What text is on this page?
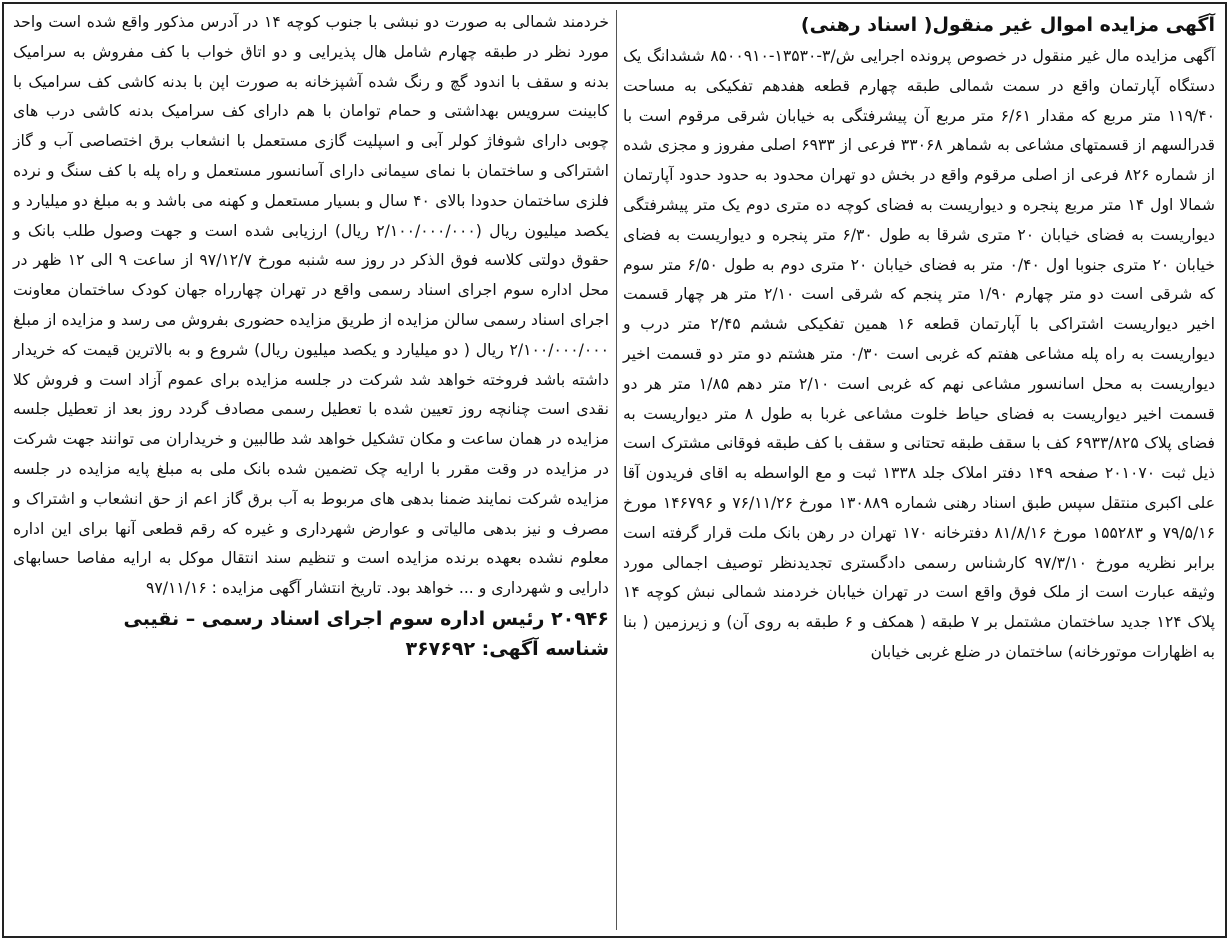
آگهی مزایده اموال غیر منقول( اسناد رهنی)

آگهی مزایده مال غیر منقول در خصوص پرونده اجرایی ش/۳-۱۳۵۳۰-۸۵۰۰۹۱۰ ششدانگ یک دستگاه آپارتمان واقع در سمت شمالی طبقه چهارم قطعه هفدهم تفکیکی به مساحت ۱۱۹/۴۰ متر مربع که مقدار ۶/۶۱ متر مربع آن پیشرفتگی به خیابان شرقی مرقوم است با قدرالسهم از قسمتهای مشاعی به شماهر ۳۳۰۶۸ فرعی از ۶۹۳۳ اصلی مفروز و مجزی شده از شماره ۸۲۶ فرعی از اصلی مرقوم واقع در بخش دو تهران محدود به حدود حدود آپارتمان شمالا اول ۱۴ متر مربع پنجره و دیواریست به فضای کوچه ده متری دوم یک متر پیشرفتگی دیواریست به فضای خیابان ۲۰ متری شرقا به طول ۶/۳۰ متر پنجره و دیواریست به فضای خیابان ۲۰ متری جنوبا اول ۰/۴۰ متر به فضای خیابان ۲۰ متری دوم به طول ۶/۵۰ متر سوم که شرقی است دو متر چهارم ۱/۹۰ متر پنجم که شرقی است ۲/۱۰ متر هر چهار قسمت اخیر دیواریست اشتراکی با آپارتمان قطعه ۱۶ همین تفکیکی ششم ۲/۴۵ متر درب و دیواریست به راه پله مشاعی هفتم که غربی است ۰/۳۰ متر هشتم دو متر دو قسمت اخیر دیواریست به محل اسانسور مشاعی نهم که غربی است ۲/۱۰ متر دهم ۱/۸۵ متر هر دو قسمت اخیر دیواریست به فضای حیاط خلوت مشاعی غربا به طول ۸ متر دیواریست به فضای پلاک ۶۹۳۳/۸۲۵ کف با سقف طبقه تحتانی و سقف با کف طبقه فوقانی مشترک است ذیل ثبت ۲۰۱۰۷۰ صفحه ۱۴۹ دفتر املاک جلد ۱۳۳۸ ثبت و مع الواسطه به اقای فریدون آقا علی اکبری منتقل سپس طبق اسناد رهنی شماره ۱۳۰۸۸۹ مورخ ۷۶/۱۱/۲۶ و ۱۴۶۷۹۶ مورخ ۷۹/۵/۱۶ و ۱۵۵۲۸۳ مورخ ۸۱/۸/۱۶ دفترخانه ۱۷۰ تهران در رهن بانک ملت قرار گرفته است برابر نظریه مورخ ۹۷/۳/۱۰ کارشناس رسمی دادگستری تجدیدنظر توصیف اجمالی مورد وثیقه عبارت است از ملک فوق واقع است در تهران خیابان خردمند شمالی نبش کوچه ۱۴ پلاک ۱۲۴ جدید ساختمان مشتمل بر ۷ طبقه ( همکف و ۶ طبقه به روی آن) و زیرزمین ( بنا به اظهارات موتورخانه) ساختمان در ضلع غربی خیابان

خردمند شمالی به صورت دو نبشی با جنوب کوچه ۱۴ در آدرس مذکور واقع شده است واحد مورد نظر در طبقه چهارم شامل هال پذیرایی و دو اتاق خواب با کف مفروش به سرامیک بدنه و سقف با اندود گچ و رنگ شده آشپزخانه به صورت اپن با بدنه کاشی کف سرامیک با کابینت سرویس بهداشتی و حمام توامان با هم دارای کف سرامیک بدنه کاشی درب های چوبی دارای شوفاژ کولر آبی و اسپلیت گازی مستعمل با انشعاب برق اختصاصی آب و گاز اشتراکی و ساختمان با نمای سیمانی دارای آسانسور مستعمل و راه پله با کف سنگ و نرده فلزی ساختمان حدودا بالای ۴۰ سال و بسیار مستعمل و کهنه می باشد و به مبلغ دو میلیارد و یکصد میلیون ریال (۲/۱۰۰/۰۰۰/۰۰۰ ریال) ارزیابی شده است و جهت وصول طلب بانک و حقوق دولتی کلاسه فوق الذکر در روز سه شنبه مورخ ۹۷/۱۲/۷ از ساعت ۹ الی ۱۲ ظهر در محل اداره سوم اجرای اسناد رسمی واقع در تهران چهارراه جهان کودک ساختمان معاونت اجرای اسناد رسمی سالن مزایده از طریق مزایده حضوری بفروش می رسد و مزایده از مبلغ ۲/۱۰۰/۰۰۰/۰۰۰ ریال ( دو میلیارد و یکصد میلیون ریال) شروع و به بالاترین قیمت که خریدار داشته باشد فروخته خواهد شد شرکت در جلسه مزایده برای عموم آزاد است و فروش کلا نقدی است چنانچه روز تعیین شده با تعطیل رسمی مصادف گردد روز بعد از تعطیل جلسه مزایده در همان ساعت و مکان تشکیل خواهد شد طالبین و خریداران می توانند جهت شرکت در مزایده در وقت مقرر با ارایه چک تضمین شده بانک ملی به مبلغ پایه مزایده در جلسه مزایده شرکت نمایند ضمنا بدهی های مربوط به آب برق گاز اعم از حق انشعاب و اشتراک و مصرف و نیز بدهی مالیاتی و عوارض شهرداری و غیره که رقم قطعی آنها برای این اداره معلوم نشده بعهده برنده مزایده است و تنظیم سند انتقال موکل به ارایه مفاصا حسابهای دارایی و شهرداری و ... خواهد بود. تاریخ انتشار آگهی مزایده : ۹۷/۱۱/۱۶

۲۰۹۴۶ رئیس اداره سوم اجرای اسناد رسمی – نقیبی

شناسه آگهی: ۳۶۷۶۹۲
